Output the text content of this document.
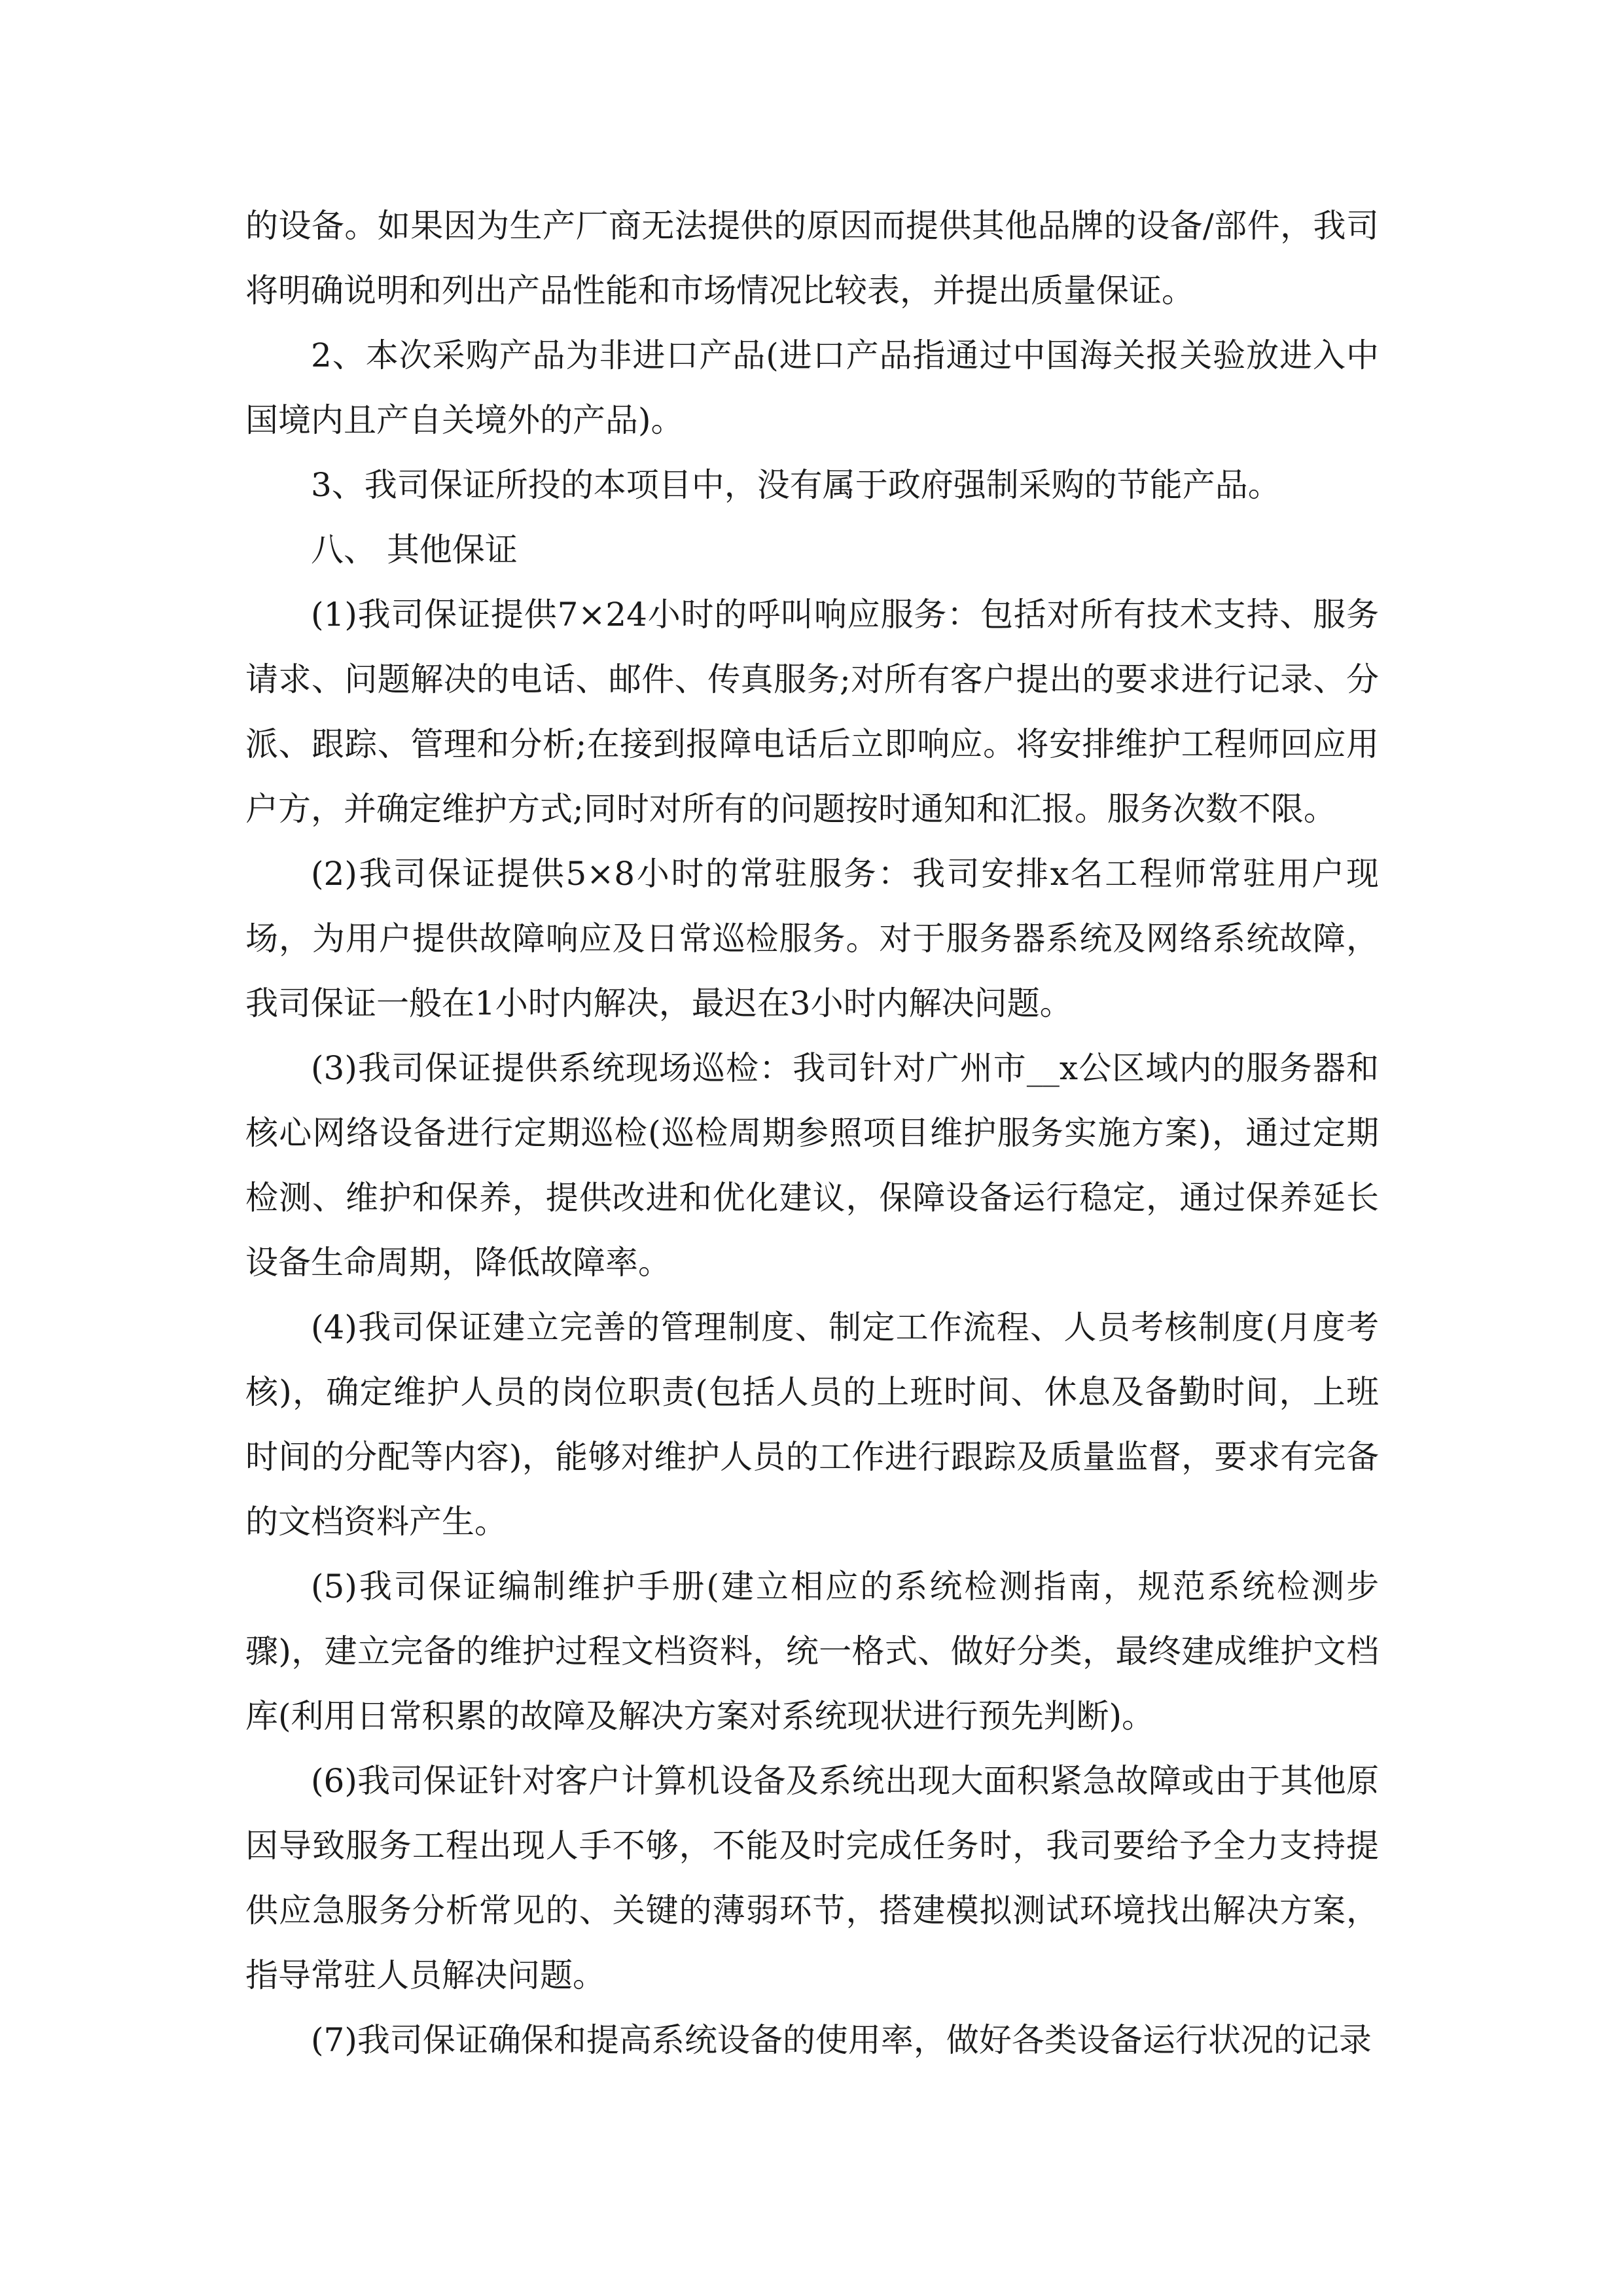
的设备。如果因为生产厂商无法提供的原因而提供其他品牌的设备/部件，我司将明确说明和列出产品性能和市场情况比较表，并提出质量保证。

2、本次采购产品为非进口产品(进口产品指通过中国海关报关验放进入中国境内且产自关境外的产品)。

3、我司保证所投的本项目中，没有属于政府强制采购的节能产品。

八、 其他保证

(1)我司保证提供7×24小时的呼叫响应服务：包括对所有技术支持、服务请求、问题解决的电话、邮件、传真服务;对所有客户提出的要求进行记录、分派、跟踪、管理和分析;在接到报障电话后立即响应。将安排维护工程师回应用户方，并确定维护方式;同时对所有的问题按时通知和汇报。服务次数不限。

(2)我司保证提供5×8小时的常驻服务：我司安排x名工程师常驻用户现场，为用户提供故障响应及日常巡检服务。对于服务器系统及网络系统故障，我司保证一般在1小时内解决，最迟在3小时内解决问题。

(3)我司保证提供系统现场巡检：我司针对广州市__x公区域内的服务器和核心网络设备进行定期巡检(巡检周期参照项目维护服务实施方案)，通过定期检测、维护和保养，提供改进和优化建议，保障设备运行稳定，通过保养延长设备生命周期，降低故障率。

(4)我司保证建立完善的管理制度、制定工作流程、人员考核制度(月度考核)，确定维护人员的岗位职责(包括人员的上班时间、休息及备勤时间，上班时间的分配等内容)，能够对维护人员的工作进行跟踪及质量监督，要求有完备的文档资料产生。

(5)我司保证编制维护手册(建立相应的系统检测指南，规范系统检测步骤)，建立完备的维护过程文档资料，统一格式、做好分类，最终建成维护文档库(利用日常积累的故障及解决方案对系统现状进行预先判断)。

(6)我司保证针对客户计算机设备及系统出现大面积紧急故障或由于其他原因导致服务工程出现人手不够，不能及时完成任务时，我司要给予全力支持提供应急服务分析常见的、关键的薄弱环节，搭建模拟测试环境找出解决方案，指导常驻人员解决问题。

(7)我司保证确保和提高系统设备的使用率，做好各类设备运行状况的记录
